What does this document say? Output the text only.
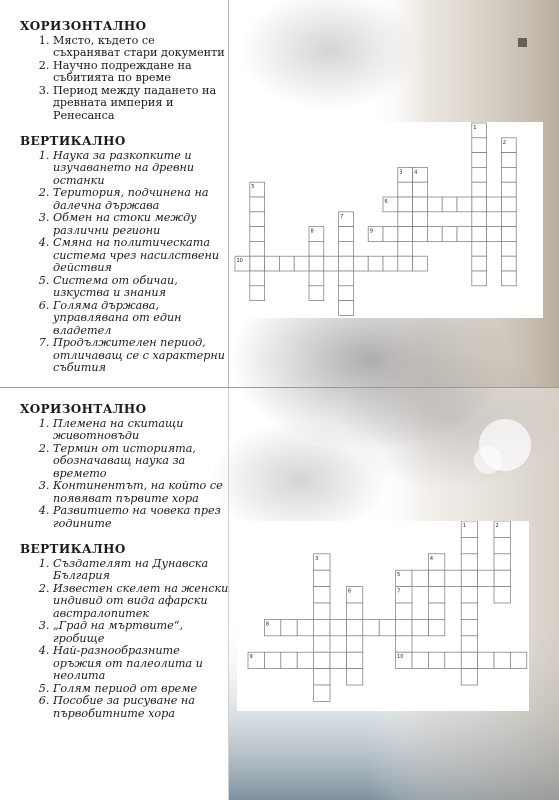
ХОРИЗОНТАЛНО
1. Място, където се съхраняват стари документи
2. Научно подреждане на събитията по време
3. Период между падането на древната империя и Ренесанса
ВЕРТИКАЛНО
1. Наука за разкопките и изучаването на древни останки
2. Територия, подчинена на далечна държава
3. Обмен на стоки между различни региони
4. Смяна на политическата система чрез насилствени действия
5. Система от обичаи, изкуства и знания
6. Голяма държава, управлявана от един владетел
7. Продължителен период, отличаващ се с характерни събития
ХОРИЗОНТАЛНО
1. Племена на скитащи животновъди
2. Термин от историята, обозначаващ наука за времето
3. Континентът, на който се появяват първите хора
4. Развитието на човека през годините
ВЕРТИКАЛНО
1. Създателят на Дунавска България
2. Известен скелет на женски индивид от вида афарски австралопитек
3. „Град на мъртвите“, гробище
4. Най-разнообразните оръжия от палеолита и неолита
5. Голям период от време
6. Пособие за рисуване на първобитните хора
1
2
3 4
5
6
7
8	9
10
1	2
3	4
5
6	7
8
9	10
